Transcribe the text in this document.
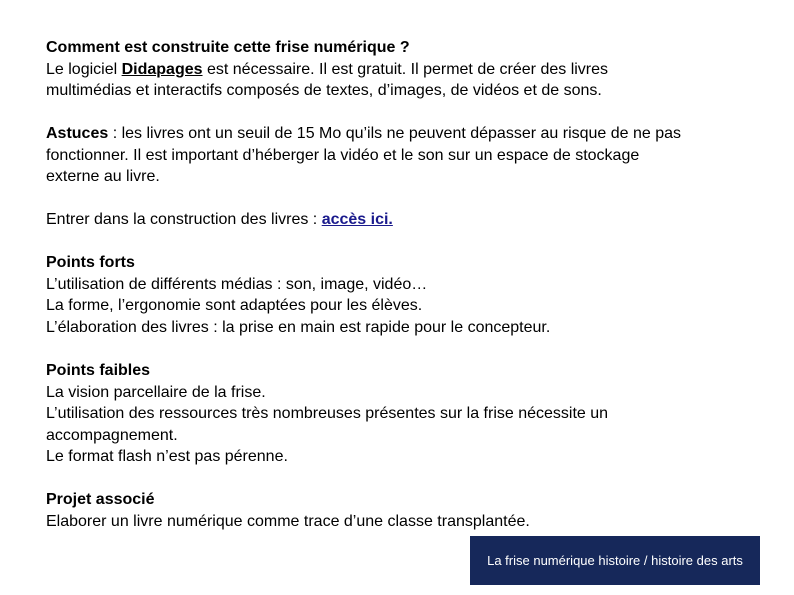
Comment est construite cette frise numérique ?
Le logiciel Didapages est nécessaire. Il est gratuit. Il permet de créer des livres
multimédias et interactifs composés de textes, d’images, de vidéos et de sons.
Astuces : les livres ont un seuil de 15 Mo qu’ils ne peuvent dépasser au risque de ne pas
fonctionner. Il est important d’héberger la vidéo et le son sur un espace de stockage
externe au livre.
Entrer dans la construction des livres : accès ici.
Points forts
L’utilisation de différents médias : son, image, vidéo…
La forme, l’ergonomie sont adaptées pour les élèves.
L’élaboration des livres : la prise en main est rapide pour le concepteur.
Points faibles
La vision parcellaire de la frise.
L’utilisation des ressources très nombreuses présentes sur la frise nécessite un
accompagnement.
Le format flash n’est pas pérenne.
Projet associé
Elaborer un livre numérique comme trace d’une classe transplantée.
La frise numérique histoire / histoire des arts
